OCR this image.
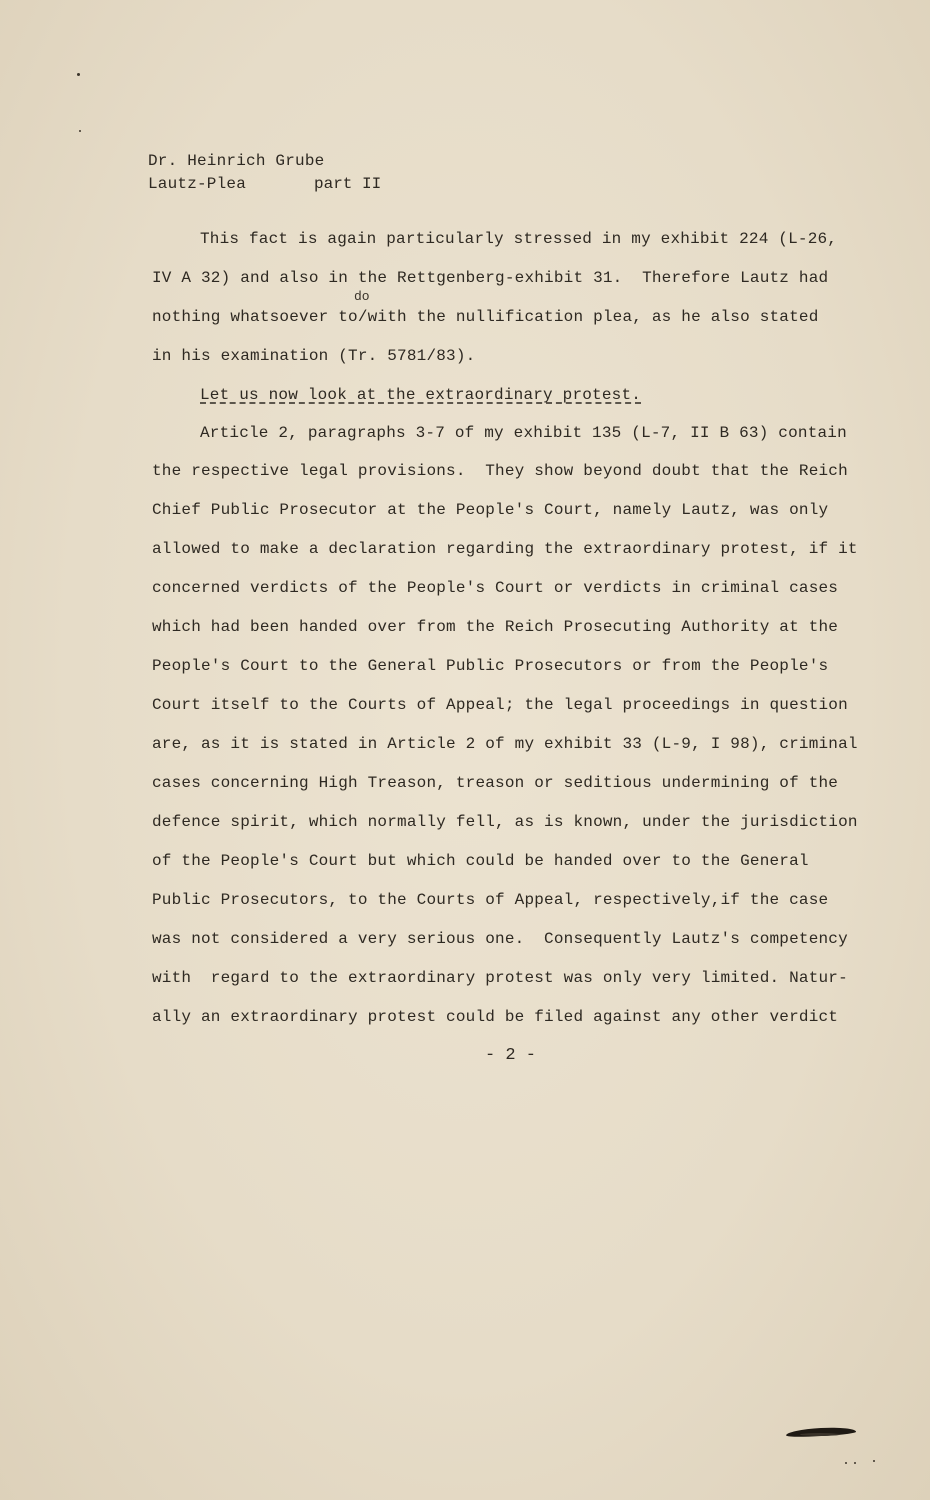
Dr. Heinrich Grube
Lautz-Plea	part II
This fact is again particularly stressed in my exhibit 224 (L-26,
IV A 32) and also in the Rettgenberg-exhibit 31.  Therefore Lautz had
do
nothing whatsoever to/with the nullification plea, as he also stated
in his examination (Tr. 5781/83).
Let us now look at the extraordinary protest.
Article 2, paragraphs 3-7 of my exhibit 135 (L-7, II B 63) contain
the respective legal provisions.  They show beyond doubt that the Reich
Chief Public Prosecutor at the People's Court, namely Lautz, was only
allowed to make a declaration regarding the extraordinary protest, if it
concerned verdicts of the People's Court or verdicts in criminal cases
which had been handed over from the Reich Prosecuting Authority at the
People's Court to the General Public Prosecutors or from the People's
Court itself to the Courts of Appeal; the legal proceedings in question
are, as it is stated in Article 2 of my exhibit 33 (L-9, I 98), criminal
cases concerning High Treason, treason or seditious undermining of the
defence spirit, which normally fell, as is known, under the jurisdiction
of the People's Court but which could be handed over to the General
Public Prosecutors, to the Courts of Appeal, respectively,if the case
was not considered a very serious one.  Consequently Lautz's competency
with  regard to the extraordinary protest was only very limited. Natur-
ally an extraordinary protest could be filed against any other verdict
- 2 -
